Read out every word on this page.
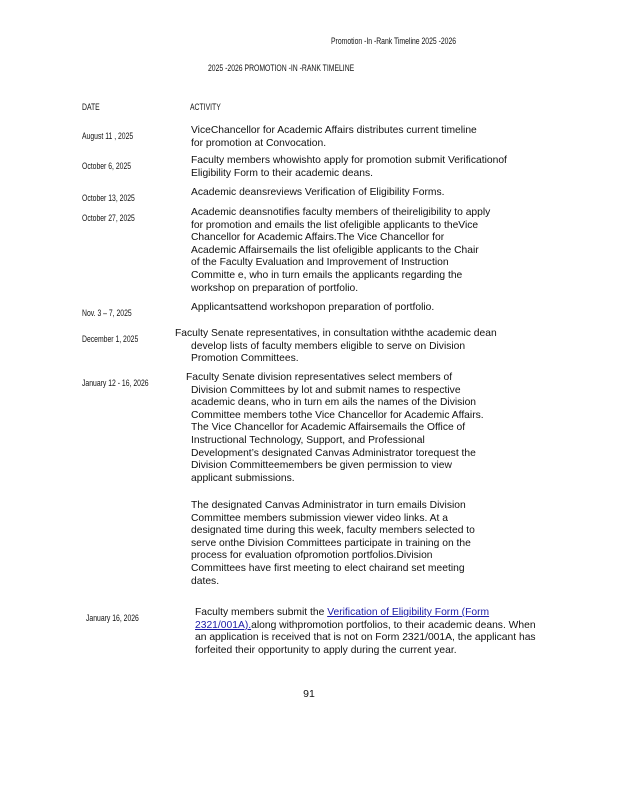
Promotion -In -Rank Timeline 2025 -2026
2025 -2026 PROMOTION -IN -RANK TIMELINE
DATE	ACTIVITY
August 11 , 2025
ViceChancellor for Academic Affairs distributes current timeline
for promotion at Convocation.
October 6, 2025
Faculty members whowishto apply for promotion submit Verificationof
Eligibility Form to their academic deans.
October 13, 2025
Academic deansreviews Verification of Eligibility Forms.
October 27, 2025
Academic deansnotifies faculty members of theireligibility to apply
for promotion and emails the list ofeligible applicants to theVice
Chancellor for Academic Affairs.The Vice Chancellor for
Academic Affairsemails the list ofeligible applicants to the Chair
of the Faculty Evaluation and Improvement of Instruction
Committe e, who in turn emails the applicants regarding the
workshop on preparation of portfolio.
Nov. 3 – 7, 2025
Applicantsattend workshopon preparation of portfolio.
December 1, 2025
Faculty Senate representatives, in consultation withthe academic dean
develop lists of faculty members eligible to serve on Division
Promotion Committees.
January 12 - 16, 2026
Faculty Senate division representatives select members of
Division Committees by lot and submit names to respective
academic deans, who in turn em ails the names of the Division
Committee members tothe Vice Chancellor for Academic Affairs.
The Vice Chancellor for Academic Affairsemails the Office of
Instructional Technology, Support, and Professional
Development’s designated Canvas Administrator torequest the
Division Committeemembers be given permission to view
applicant submissions.
The designated Canvas Administrator in turn emails Division
Committee members submission viewer video links. At a
designated time during this week, faculty members selected to
serve onthe Division Committees participate in training on the
process for evaluation ofpromotion portfolios.Division
Committees have first meeting to elect chairand set meeting
dates.
January 16, 2026
Faculty members submit the Verification of Eligibility Form (Form
2321/001A).along withpromotion portfolios, to their academic deans. When
an application is received that is not on Form 2321/001A, the applicant has
forfeited their opportunity to apply during the current year.
91
